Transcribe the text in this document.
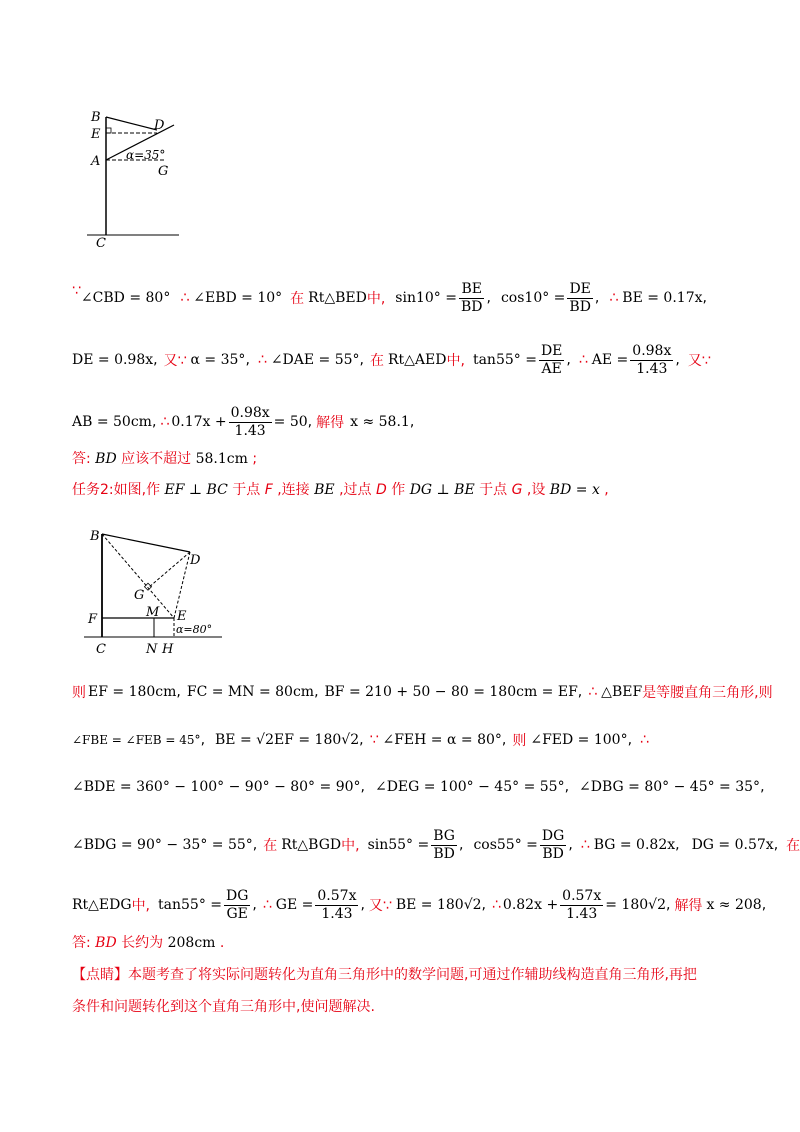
B
E
D
A α=35°
G
C
∵ ∠CBD = 80° ∴ ∠EBD = 10° 在 Rt△BED 中, $\sin 10^\circ = \frac{BE}{BD}$ , $\cos 10^\circ = \frac{DE}{BD}$ , ∴ BE = 0.17x ,
DE = 0.98x , 又∵ α = 35° , ∴ ∠DAE = 55° , 在 Rt△AED 中, $\tan 55^\circ = \frac{DE}{AE}$ , ∴ AE = $\frac{0.98x}{1.43}$ , 又∵
AB = 50cm , ∴ $0.17x + \frac{0.98x}{1.43} = 50$ , 解得 x ≈ 58.1 ,
答: BD 应该不超过 58.1cm ;
任务2:如图,作 EF ⊥ BC 于点 F ,连接 BE ,过点 D 作 DG ⊥ BE 于点 G ,设 BD = x ,
B
D
G
M E
F
α=80°
C	N H
则 EF = 180cm , FC = MN = 80cm , BF = 210 + 50 − 80 = 180cm = EF , ∴ △BEF 是等腰直角三角形,则
∠FBE = ∠FEB = 45° , BE = √2EF = 180√2 , ∵ ∠FEH = α = 80° , 则 ∠FED = 100° , ∴
∠BDE = 360° − 100° − 90° − 80° = 90° , ∠DEG = 100° − 45° = 55° , ∠DBG = 80° − 45° = 35° ,
∠BDG = 90° − 35° = 55° , 在 Rt△BGD 中, $\sin 55^\circ = \frac{BG}{BD}$ , $\cos 55^\circ = \frac{DG}{BD}$ , ∴ BG = 0.82x , DG = 0.57x , 在
Rt△EDG 中, $\tan 55^\circ = \frac{DG}{GE}$ , ∴ GE = $\frac{0.57x}{1.43}$ , 又∵ BE = 180√2 , ∴ $0.82x + \frac{0.57x}{1.43} = 180√2$ , 解得 x ≈ 208 ,
答: BD 长约为 208cm .
【点睛】本题考查了将实际问题转化为直角三角形中的数学问题,可通过作辅助线构造直角三角形,再把
条件和问题转化到这个直角三角形中,使问题解决.
